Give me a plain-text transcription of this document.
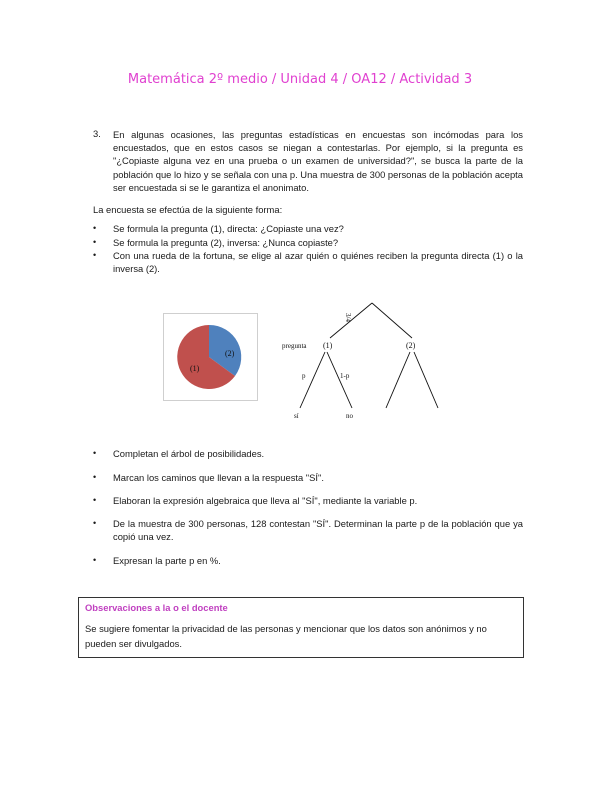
Matemática 2º medio / Unidad 4 / OA12 / Actividad 3
3. En algunas ocasiones, las preguntas estadísticas en encuestas son incómodas para los encuestados, que en estos casos se niegan a contestarlas. Por ejemplo, si la pregunta es "¿Copiaste alguna vez en una prueba o un examen de universidad?", se busca la parte de la población que lo hizo y se señala con una p. Una muestra de 300 personas de la población acepta ser encuestada si se le garantiza el anonimato.
La encuesta se efectúa de la siguiente forma:
• Se formula la pregunta (1), directa: ¿Copiaste una vez?
• Se formula la pregunta (2), inversa: ¿Nunca copiaste?
• Con una rueda de la fortuna, se elige al azar quién o quiénes reciben la pregunta directa (1) o la inversa (2).
(2)
(1)
3/4
pregunta (1)	(2)
p	1-p
sí	no
• Completan el árbol de posibilidades.
• Marcan los caminos que llevan a la respuesta "SÍ".
• Elaboran la expresión algebraica que lleva al "SÍ", mediante la variable p.
• De la muestra de 300 personas, 128 contestan "SÍ". Determinan la parte p de la población que ya copió una vez.
• Expresan la parte p en %.
Observaciones a la o el docente
Se sugiere fomentar la privacidad de las personas y mencionar que los datos son anónimos y no pueden ser divulgados.
